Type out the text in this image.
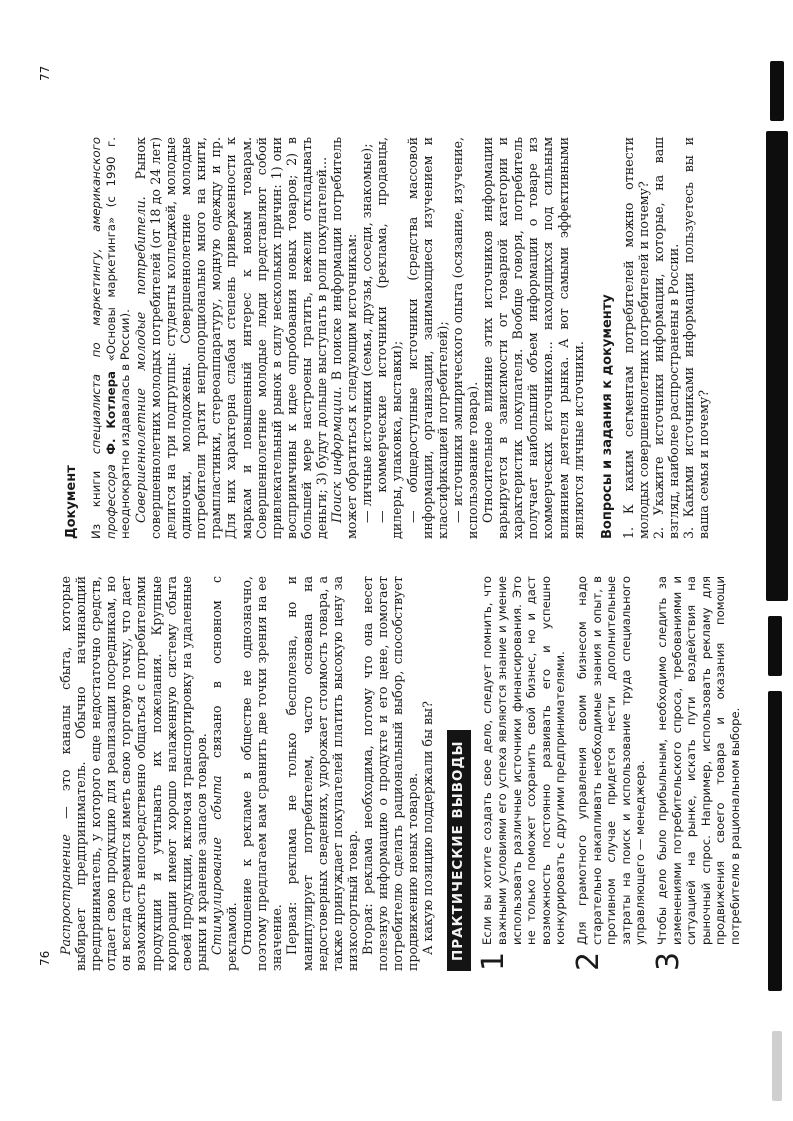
76
77

Распространение — это каналы сбыта, которые выбирает предприниматель. Обычно начинающий предприниматель, у которого еще недостаточно средств, отдает свою продукцию для реализации посредникам, но он всегда стремится иметь свою торговую точку, что дает возможность непосредственно общаться с потребителями продукции и учитывать их пожелания. Крупные корпорации имеют хорошо налаженную систему сбыта своей продукции, включая транспортировку на удаленные рынки и хранение запасов товаров. Стимулирование сбыта связано в основном с рекламой. Отношение к рекламе в обществе не однозначно, поэтому предлагаем вам сравнить две точки зрения на ее значение. Первая: реклама не только бесполезна, но и манипулирует потребителем, часто основана на недостоверных сведениях, удорожает стоимость товара, а также принуждает покупателей платить высокую цену за низкосортный товар. Вторая: реклама необходима, потому что она несет полезную информацию о продукте и его цене, помогает потребителю сделать рациональный выбор, способствует продвижению новых товаров. А какую позицию поддержали бы вы? ПРАКТИЧЕСКИЕ ВЫВОДЫ
1
Если вы хотите создать свое дело, следует помнить, что важными условиями его успеха являются знание и умение использовать различные источники финансирования. Это не только поможет сохранить свой бизнес, но и даст возможность постоянно развивать его и успешно конкурировать с другими предпринимателями.
2
Для грамотного управления своим бизнесом надо старательно накапливать необходимые знания и опыт, в противном случае придется нести дополнительные затраты на поиск и использование труда специального управляющего — менеджера.
3
Чтобы дело было прибыльным, необходимо следить за изменениями потребительского спроса, требованиями и ситуацией на рынке, искать пути воздействия на рыночный спрос. Например, использовать рекламу для продвижения своего товара и оказания помощи потребителю в рациональном выборе.
Документ Из книги специалиста по маркетингу, американского профессора Ф. Котлера «Основы маркетинга» (с 1990 г. неоднократно издавалась в России). Совершеннолетние молодые потребители. Рынок совершеннолетних молодых потребителей (от 18 до 24 лет) делится на три подгруппы: студенты колледжей, молодые одиночки, молодожены. Совершеннолетние молодые потребители тратят непропорционально много на книги, грампластинки, стереоаппаратуру, модную одежду и пр. Для них характерна слабая степень приверженности к маркам и повышенный интерес к новым товарам. Совершеннолетние молодые люди представляют собой привлекательный рынок в силу нескольких причин: 1) они восприимчивы к идее опробования новых товаров; 2) в большей мере настроены тратить, нежели откладывать деньги; 3) будут дольше выступать в роли покупателей... Поиск информации. В поиске информации потребитель может обратиться к следующим источникам: — личные источники (семья, друзья, соседи, знакомые); — коммерческие источники (реклама, продавцы, дилеры, упаковка, выставки); — общедоступные источники (средства массовой информации, организации, занимающиеся изучением и классификацией потребителей); — источники эмпирического опыта (осязание, изучение, использование товара). Относительное влияние этих источников информации варьируется в зависимости от товарной категории и характеристик покупателя. Вообще говоря, потребитель получает наибольший объем информации о товаре из коммерческих источников... находящихся под сильным влиянием деятеля рынка. А вот самыми эффективными являются личные источники. Вопросы и задания к документу 1. К каким сегментам потребителей можно отнести молодых совершеннолетних потребителей и почему? 2. Укажите источники информации, которые, на ваш взгляд, наиболее распространены в России. 3. Какими источниками информации пользуетесь вы и ваша семья и почему?
